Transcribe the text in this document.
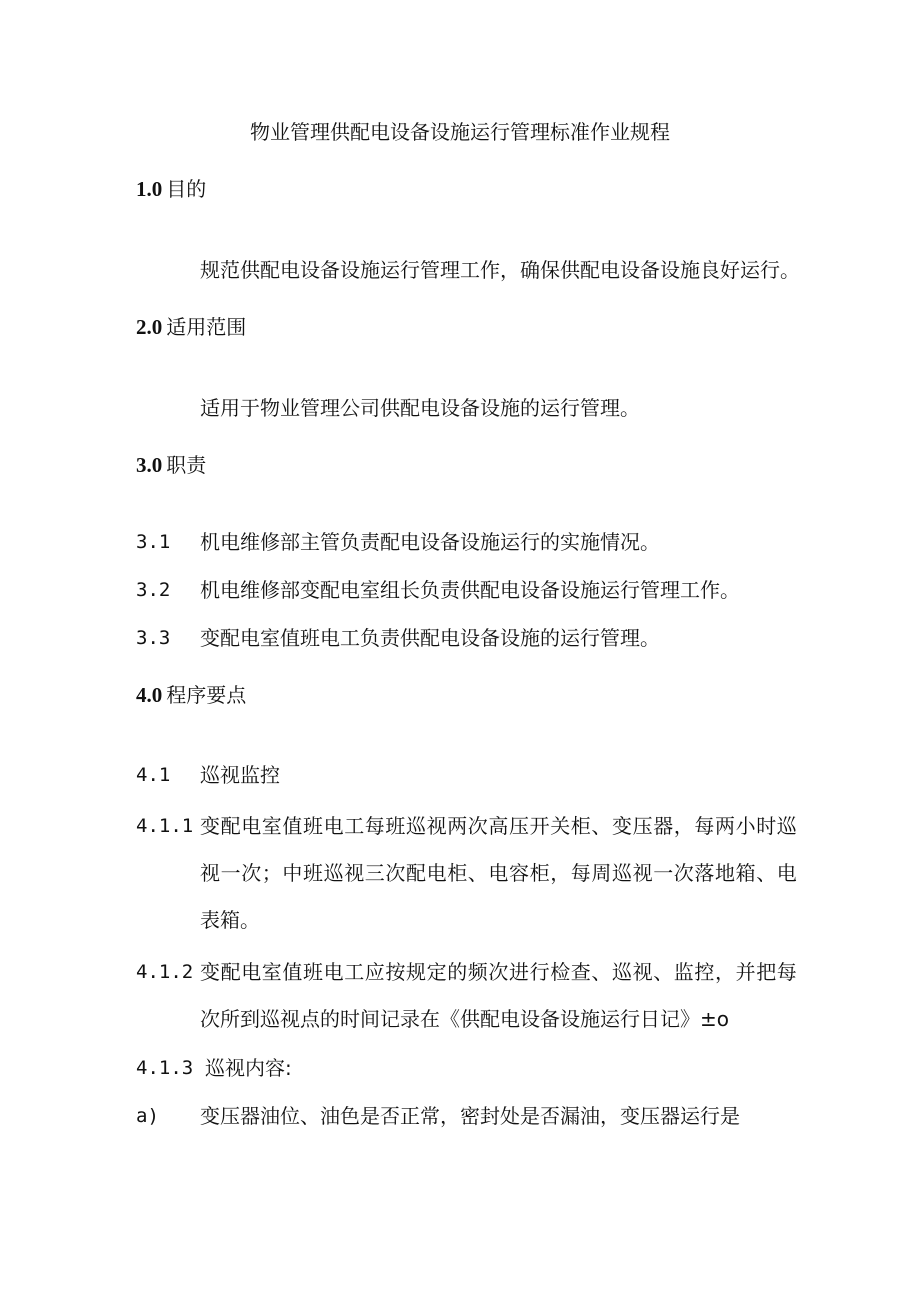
物业管理供配电设备设施运行管理标准作业规程
1.0 目的
规范供配电设备设施运行管理工作，确保供配电设备设施良好运行。
2.0 适用范围
适用于物业管理公司供配电设备设施的运行管理。
3.0 职责
3.1 机电维修部主管负责配电设备设施运行的实施情况。
3.2 机电维修部变配电室组长负责供配电设备设施运行管理工作。
3.3 变配电室值班电工负责供配电设备设施的运行管理。
4.0 程序要点
4.1 巡视监控
4.1.1 变配电室值班电工每班巡视两次高压开关柜、变压器，每两小时巡
视一次；中班巡视三次配电柜、电容柜，每周巡视一次落地箱、电
表箱。
4.1.2 变配电室值班电工应按规定的频次进行检查、巡视、监控，并把每
次所到巡视点的时间记录在《供配电设备设施运行日记》±o
4.1.3 巡视内容:
a) 变压器油位、油色是否正常，密封处是否漏油，变压器运行是
